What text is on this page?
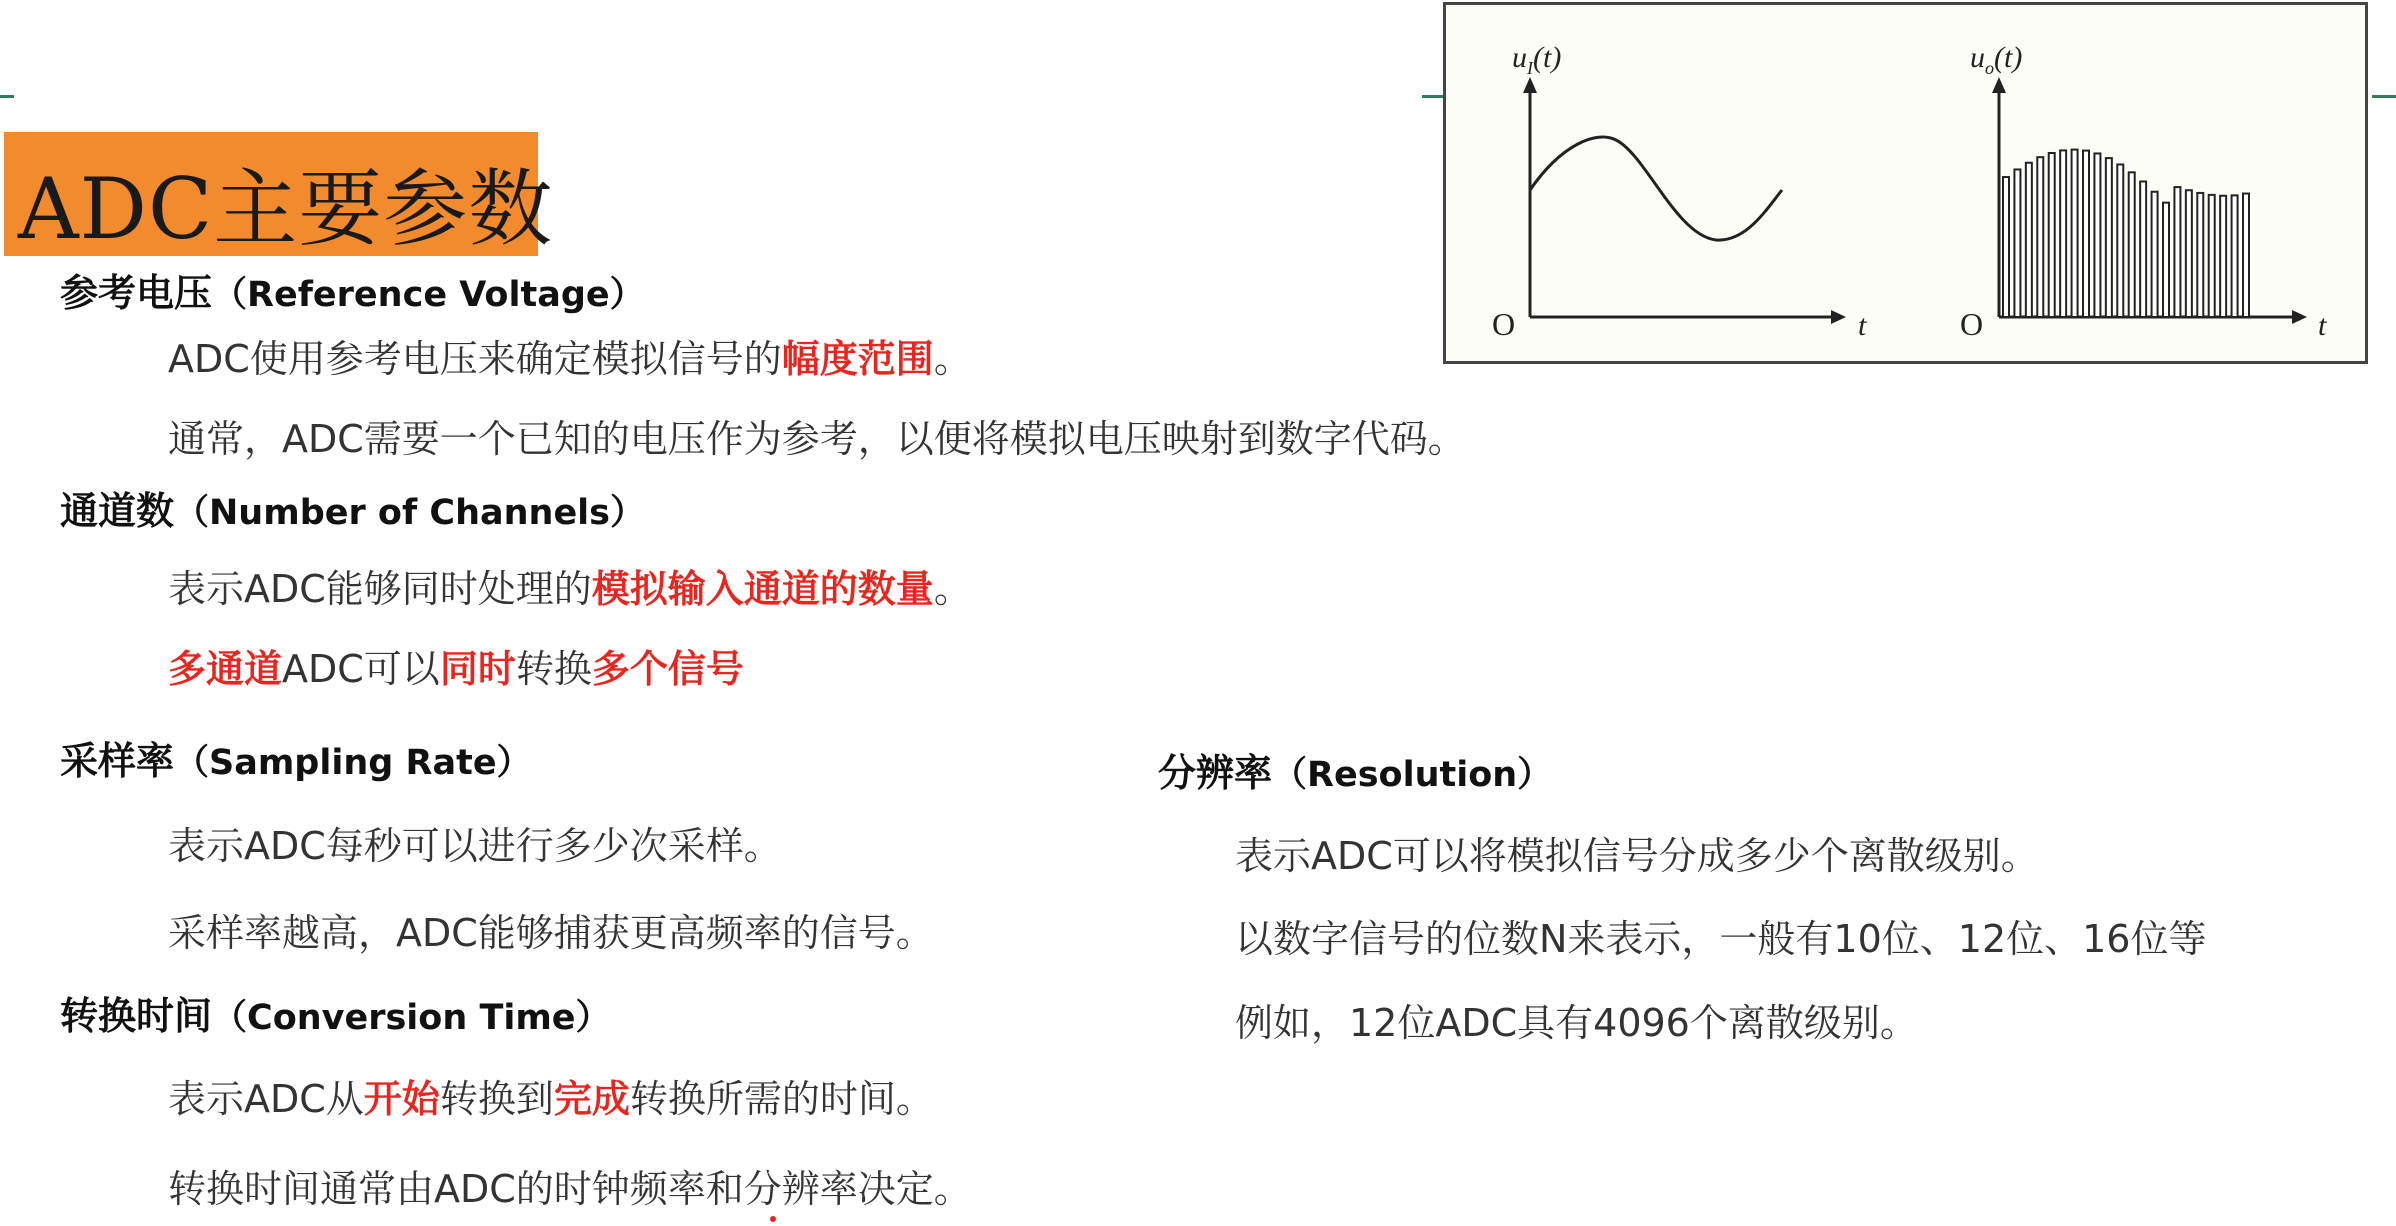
ADC主要参数
参考电压（Reference Voltage）
ADC使用参考电压来确定模拟信号的幅度范围。
通常，ADC需要一个已知的电压作为参考，以便将模拟电压映射到数字代码。
通道数（Number of Channels）
表示ADC能够同时处理的模拟输入通道的数量。
多通道ADC可以同时转换多个信号
采样率（Sampling Rate）
表示ADC每秒可以进行多少次采样。
采样率越高，ADC能够捕获更高频率的信号。
转换时间（Conversion Time）
表示ADC从开始转换到完成转换所需的时间。
转换时间通常由ADC的时钟频率和分辨率决定。
分辨率（Resolution）
表示ADC可以将模拟信号分成多少个离散级别。
以数字信号的位数N来表示，一般有10位、12位、16位等
例如，12位ADC具有4096个离散级别。
$u_I(t)$
O	t
$u_o(t)$
O	t
